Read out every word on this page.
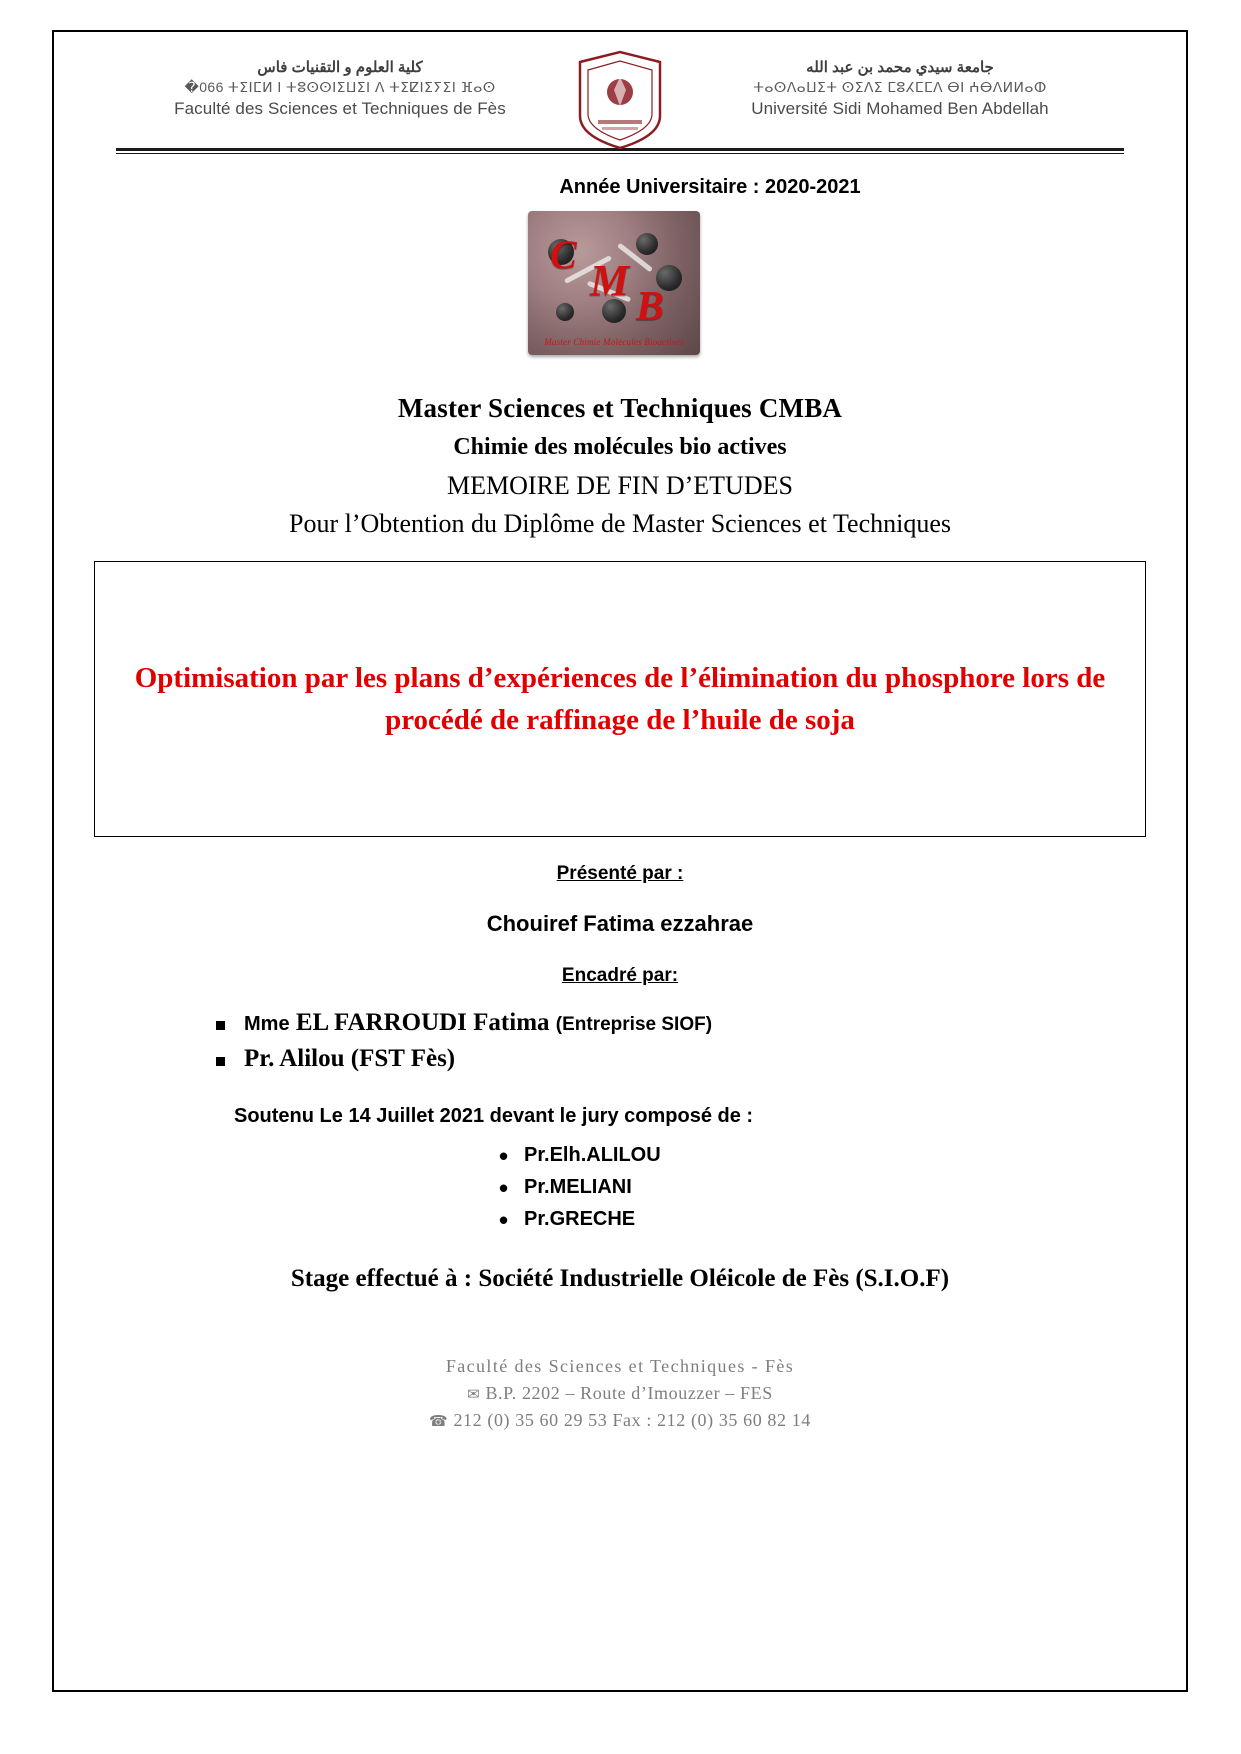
كلية العلوم و التقنيات فاس
�066 ⵜⵉⵏⵎⵍ ⵏ ⵜⵓⵙⵙⵏⵉⵡⵉⵏ ⴷ ⵜⵉⵇⵏⵉⵢⵉⵏ ⴼⴰⵙ
Faculté des Sciences et Techniques de Fès
جامعة سيدي محمد بن عبد الله
ⵜⴰⵙⴷⴰⵡⵉⵜ ⵙⵉⴷⵉ ⵎⵓⵃⵎⵎⴷ ⴱⵏ ⵄⴱⴷⵍⵍⴰⵀ
Université Sidi Mohamed Ben Abdellah
Année Universitaire : 2020-2021
C
M
B
Master Chimie Molécules Bioactives
Master Sciences et Techniques CMBA
Chimie des molécules bio actives
MEMOIRE DE FIN D’ETUDES
Pour l’Obtention du Diplôme de Master Sciences et Techniques
Optimisation par les plans d’expériences de l’élimination du phosphore lors de procédé de raffinage de l’huile de soja
Présenté par :
Chouiref Fatima ezzahrae
Encadré par:
Mme EL FARROUDI Fatima (Entreprise SIOF)
Pr. Alilou (FST Fès)
Soutenu Le 14 Juillet 2021 devant le jury composé de :
• Pr.Elh.ALILOU
• Pr.MELIANI
• Pr.GRECHE
Stage effectué à : Société Industrielle Oléicole de Fès (S.I.O.F)
Faculté des Sciences et Techniques - Fès
✉ B.P. 2202 – Route d’Imouzzer – FES
☎ 212 (0) 35 60 29 53 Fax : 212 (0) 35 60 82 14
